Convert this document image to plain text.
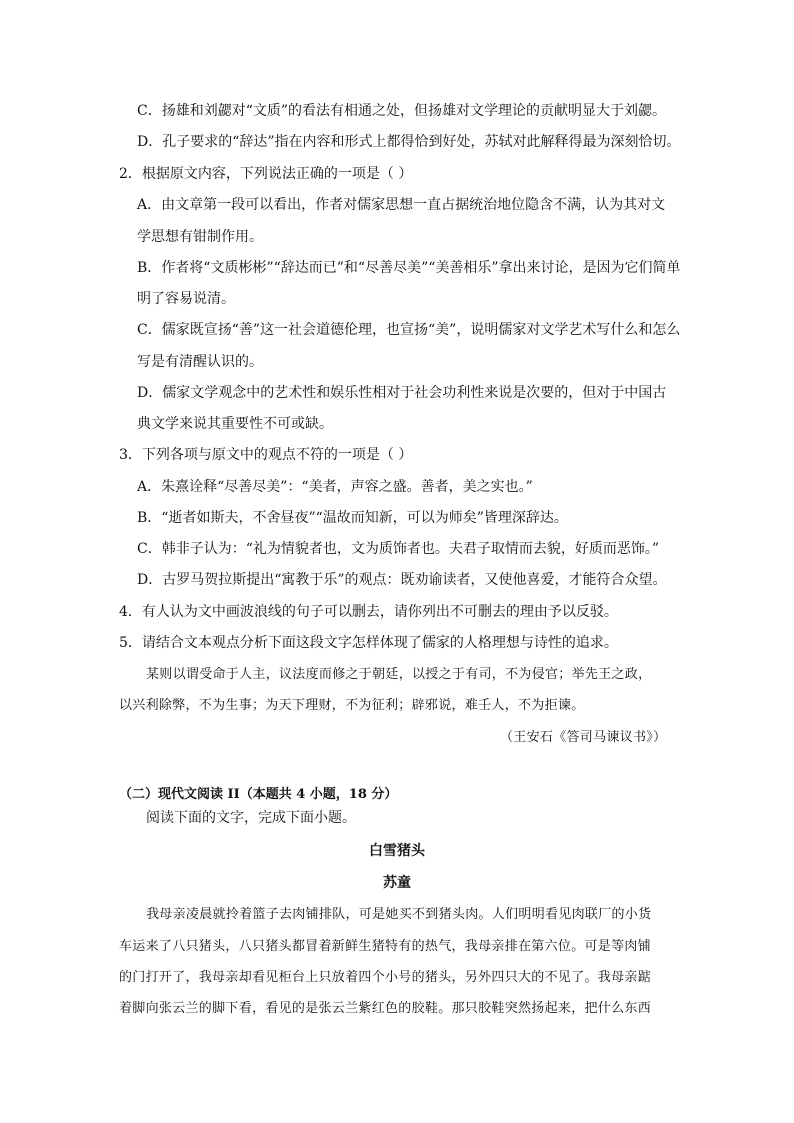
C．扬雄和刘勰对“文质”的看法有相通之处，但扬雄对文学理论的贡献明显大于刘勰。
D．孔子要求的“辞达”指在内容和形式上都得恰到好处，苏轼对此解释得最为深刻恰切。
2．根据原文内容，下列说法正确的一项是（ ）
A．由文章第一段可以看出，作者对儒家思想一直占据统治地位隐含不满，认为其对文
学思想有钳制作用。
B．作者将“文质彬彬”“辞达而已”和“尽善尽美”“美善相乐”拿出来讨论，是因为它们简单
明了容易说清。
C．儒家既宣扬“善”这一社会道德伦理，也宣扬“美”，说明儒家对文学艺术写什么和怎么
写是有清醒认识的。
D．儒家文学观念中的艺术性和娱乐性相对于社会功利性来说是次要的，但对于中国古
典文学来说其重要性不可或缺。
3．下列各项与原文中的观点不符的一项是（ ）
A．朱熹诠释“尽善尽美”：“美者，声容之盛。善者，美之实也。”
B．“逝者如斯夫，不舍昼夜”“温故而知新，可以为师矣”皆理深辞达。
C．韩非子认为：“礼为情貌者也，文为质饰者也。夫君子取情而去貌，好质而恶饰。”
D．古罗马贺拉斯提出“寓教于乐”的观点：既劝谕读者，又使他喜爱，才能符合众望。
4．有人认为文中画波浪线的句子可以删去，请你列出不可删去的理由予以反驳。
5．请结合文本观点分析下面这段文字怎样体现了儒家的人格理想与诗性的追求。
某则以谓受命于人主，议法度而修之于朝廷，以授之于有司，不为侵官；举先王之政，
以兴利除弊，不为生事；为天下理财，不为征利；辟邪说，难壬人，不为拒谏。
（王安石《答司马谏议书》）
（二）现代文阅读 II（本题共 4 小题，18 分）
阅读下面的文字，完成下面小题。
白雪猪头
苏童
我母亲凌晨就拎着篮子去肉铺排队，可是她买不到猪头肉。人们明明看见肉联厂的小货
车运来了八只猪头，八只猪头都冒着新鲜生猪特有的热气，我母亲排在第六位。可是等肉铺
的门打开了，我母亲却看见柜台上只放着四个小号的猪头，另外四只大的不见了。我母亲踮
着脚向张云兰的脚下看，看见的是张云兰紫红色的胶鞋。那只胶鞋突然扬起来，把什么东西
